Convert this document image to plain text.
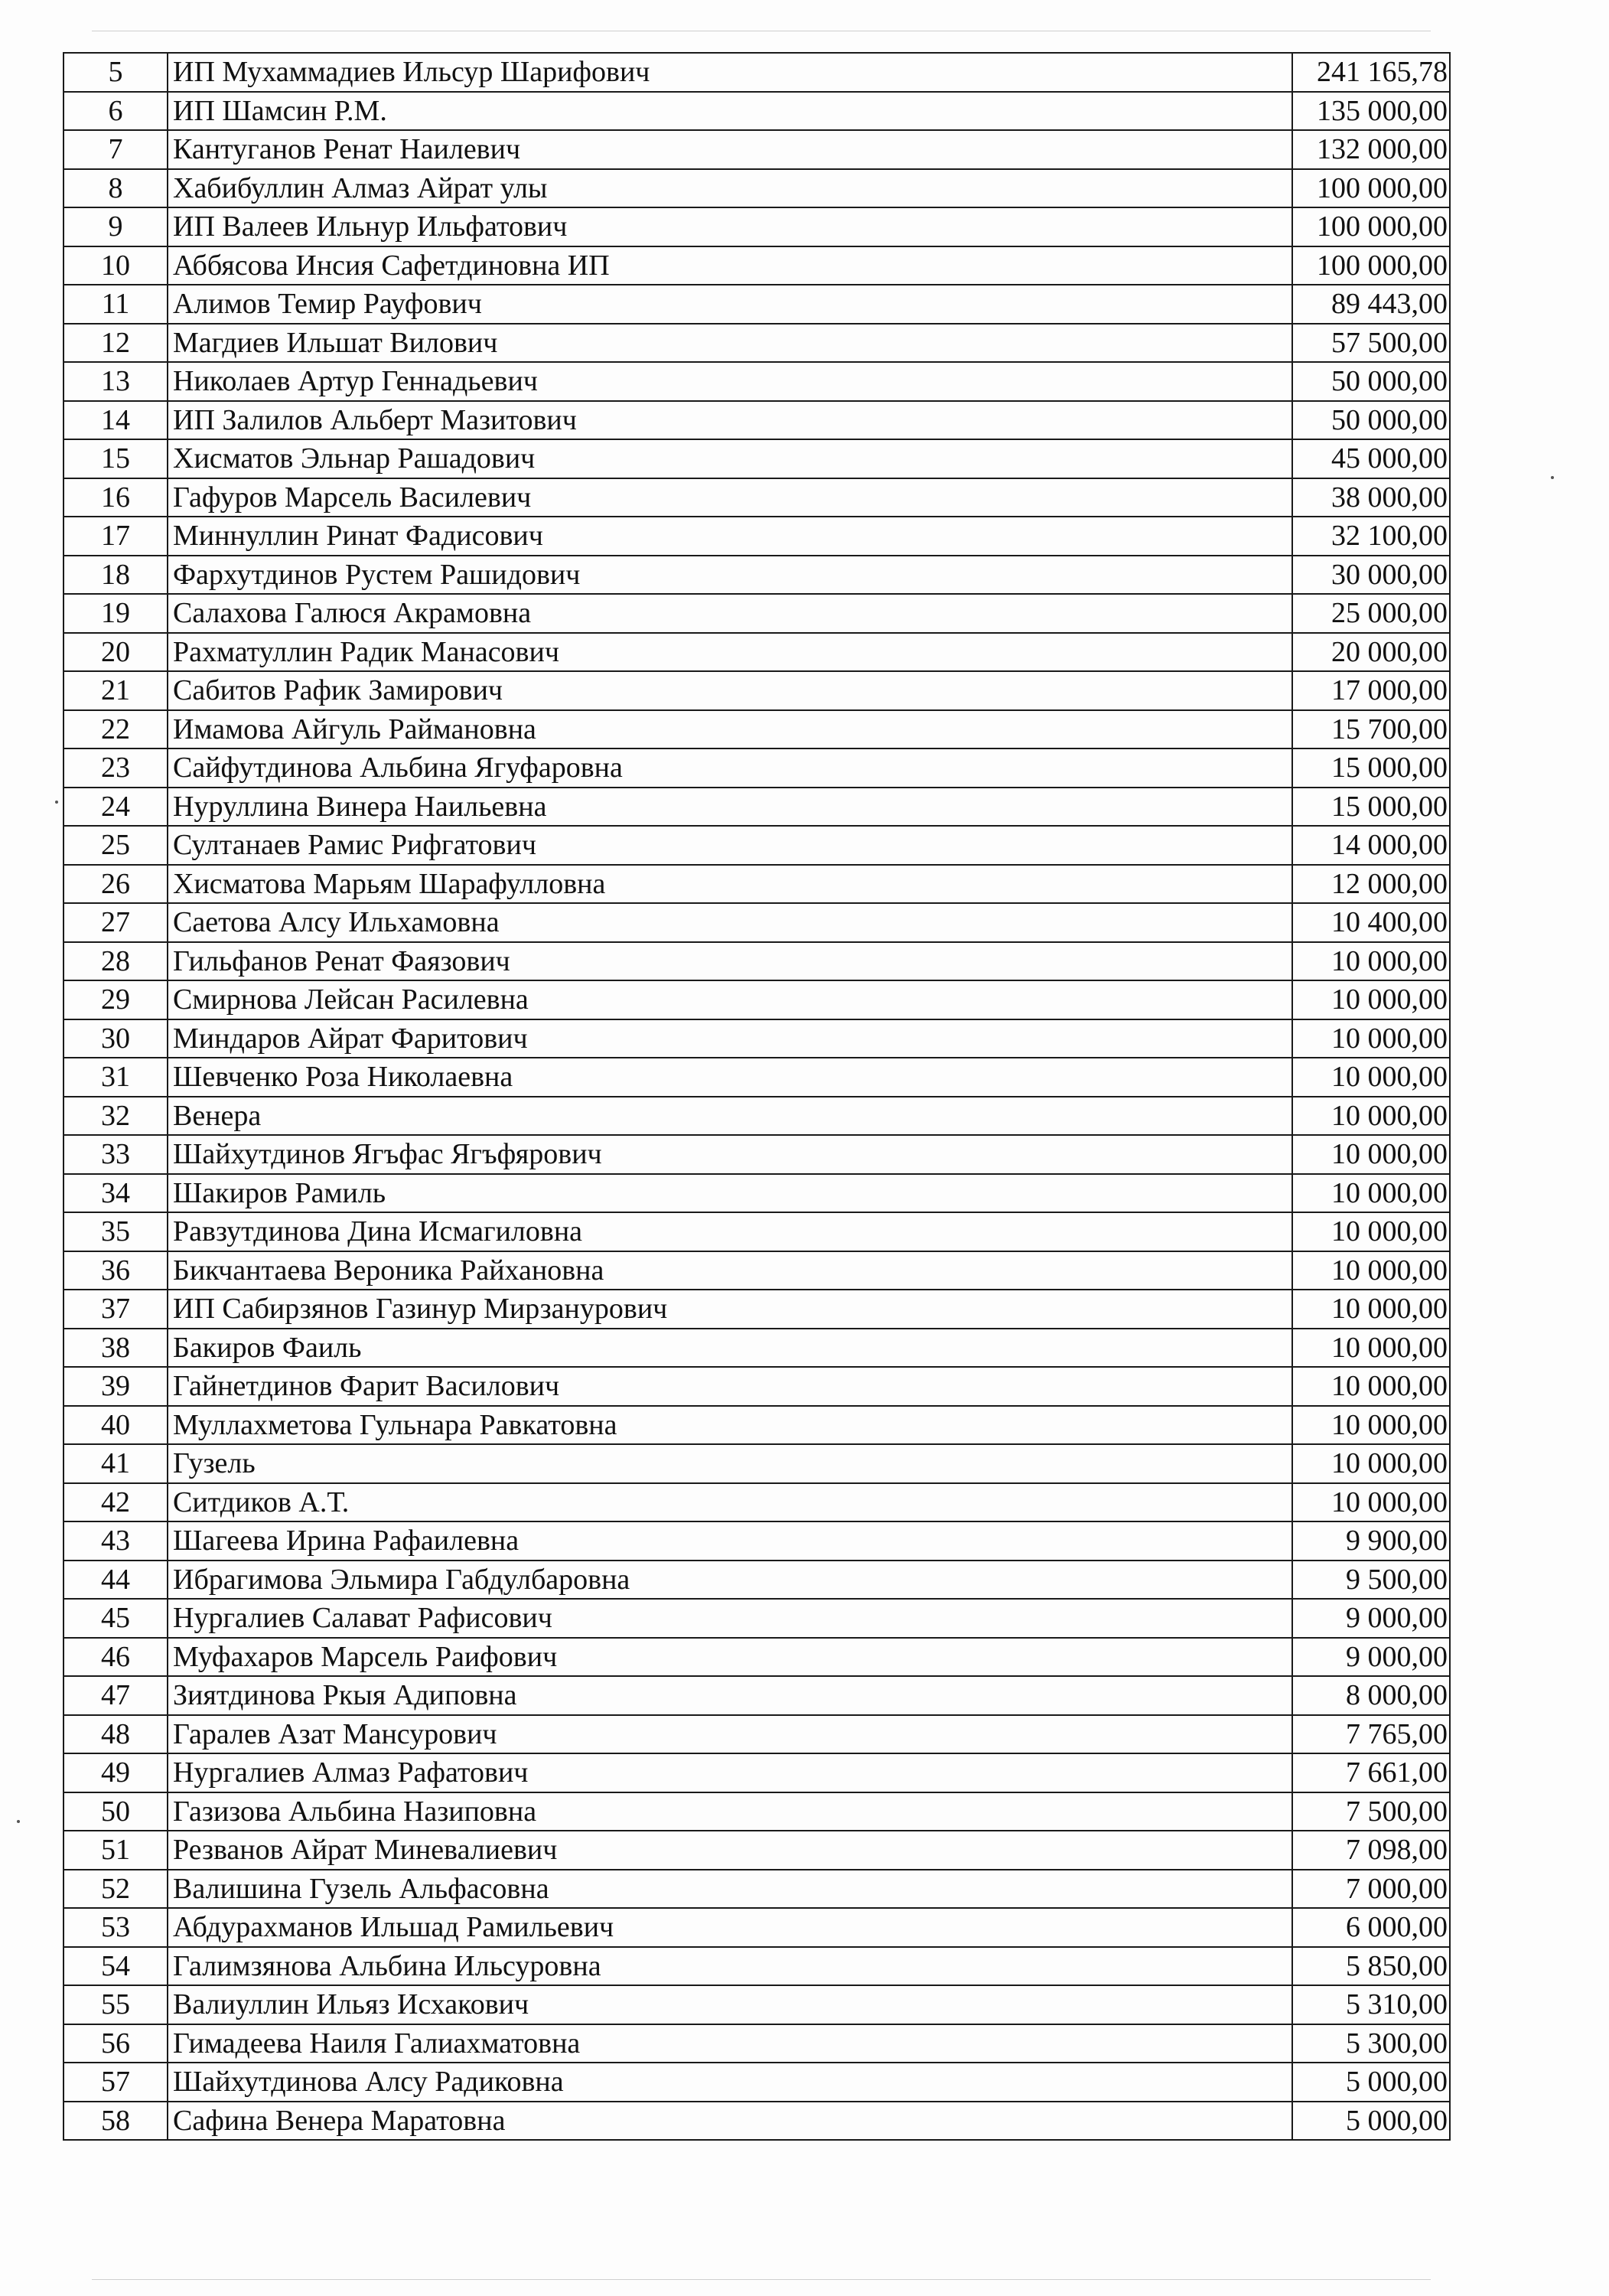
5	ИП Мухаммадиев Ильсур Шарифович	241 165,78
6	ИП Шамсин Р.М.	135 000,00
7	Кантуганов Ренат Наилевич	132 000,00
8	Хабибуллин Алмаз Айрат улы	100 000,00
9	ИП Валеев Ильнур Ильфатович	100 000,00
10	Аббясова Инсия Сафетдиновна ИП	100 000,00
11	Алимов Темир Рауфович	89 443,00
12	Магдиев Ильшат Вилович	57 500,00
13	Николаев Артур Геннадьевич	50 000,00
14	ИП Залилов Альберт Мазитович	50 000,00
15	Хисматов Эльнар Рашадович	45 000,00
16	Гафуров Марсель Василевич	38 000,00
17	Миннуллин Ринат Фадисович	32 100,00
18	Фархутдинов Рустем Рашидович	30 000,00
19	Салахова Галюся Акрамовна	25 000,00
20	Рахматуллин Радик Манасович	20 000,00
21	Сабитов Рафик Замирович	17 000,00
22	Имамова Айгуль Раймановна	15 700,00
23	Сайфутдинова Альбина Ягуфаровна	15 000,00
24	Нуруллина Винера Наильевна	15 000,00
25	Султанаев Рамис Рифгатович	14 000,00
26	Хисматова Марьям Шарафулловна	12 000,00
27	Саетова Алсу Ильхамовна	10 400,00
28	Гильфанов Ренат Фаязович	10 000,00
29	Смирнова Лейсан Расилевна	10 000,00
30	Миндаров Айрат Фаритович	10 000,00
31	Шевченко Роза Николаевна	10 000,00
32	Венера	10 000,00
33	Шайхутдинов Ягъфас Ягъфярович	10 000,00
34	Шакиров Рамиль	10 000,00
35	Равзутдинова Дина Исмагиловна	10 000,00
36	Бикчантаева Вероника Райхановна	10 000,00
37	ИП Сабирзянов Газинур Мирзанурович	10 000,00
38	Бакиров Фаиль	10 000,00
39	Гайнетдинов Фарит Василович	10 000,00
40	Муллахметова Гульнара Равкатовна	10 000,00
41	Гузель	10 000,00
42	Ситдиков А.Т.	10 000,00
43	Шагеева Ирина Рафаилевна	9 900,00
44	Ибрагимова Эльмира Габдулбаровна	9 500,00
45	Нургалиев Салават Рафисович	9 000,00
46	Муфахаров Марсель Раифович	9 000,00
47	Зиятдинова Ркыя Адиповна	8 000,00
48	Гаралев Азат Мансурович	7 765,00
49	Нургалиев Алмаз Рафатович	7 661,00
50	Газизова Альбина Назиповна	7 500,00
51	Резванов Айрат Миневалиевич	7 098,00
52	Валишина Гузель Альфасовна	7 000,00
53	Абдурахманов Ильшад Рамильевич	6 000,00
54	Галимзянова Альбина Ильсуровна	5 850,00
55	Валиуллин Ильяз Исхакович	5 310,00
56	Гимадеева Наиля Галиахматовна	5 300,00
57	Шайхутдинова Алсу Радиковна	5 000,00
58	Сафина Венера Маратовна	5 000,00
